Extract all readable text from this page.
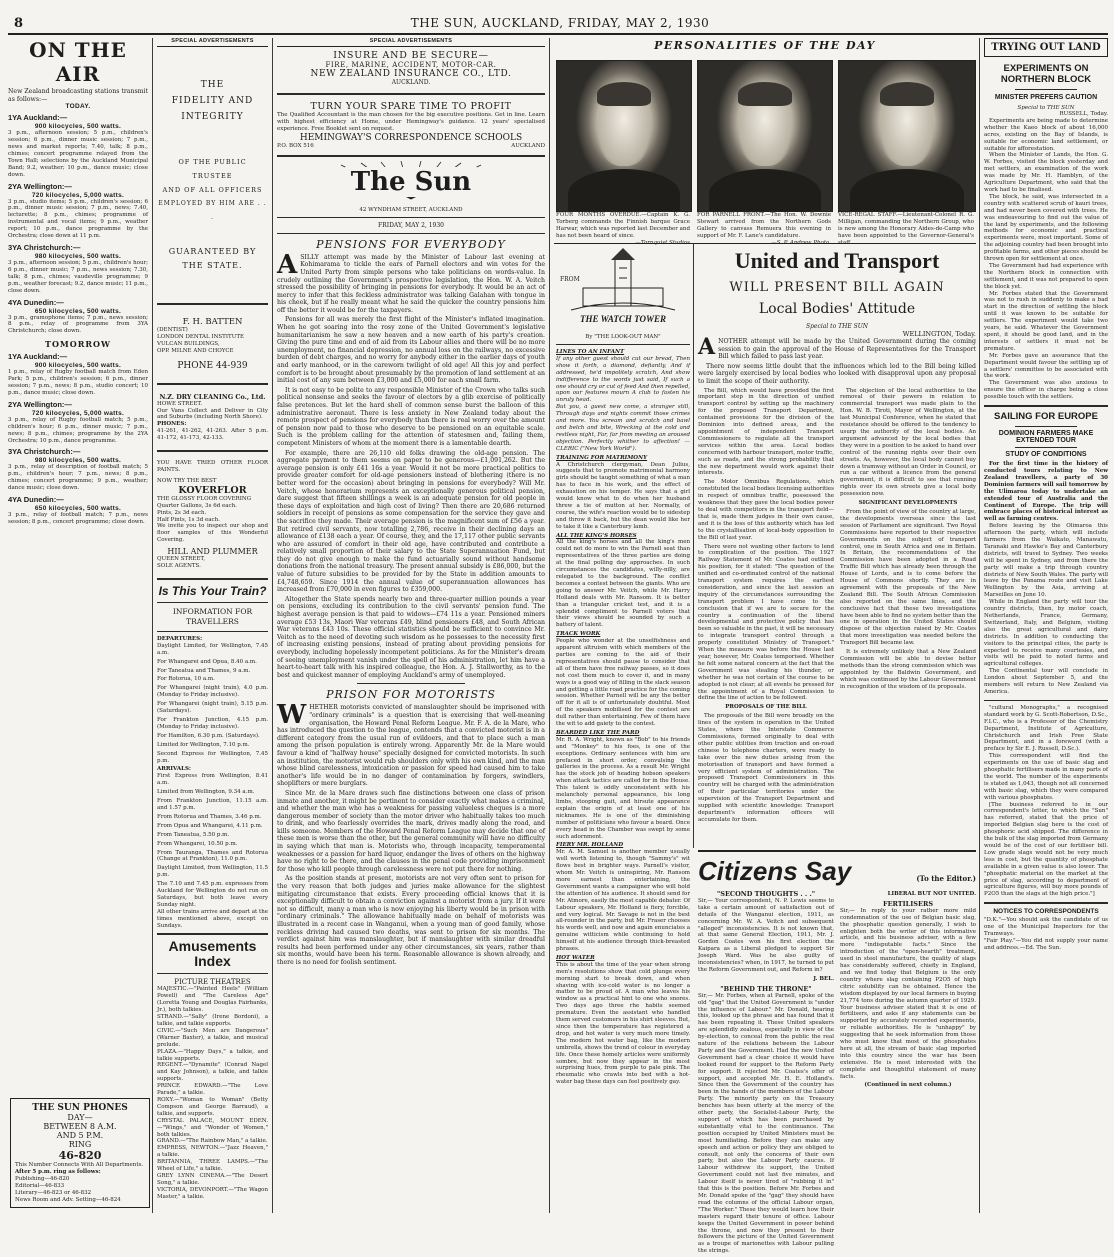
8	THE SUN, AUCKLAND, FRIDAY, MAY 2, 1930
ON THE AIR
New Zealand broadcasting stations transmit as follows:—
TODAY.
1YA Auckland:—
900 kilocycles, 500 watts.
3 p.m., afternoon session; 5 p.m., children's session; 6 p.m., dinner music session; 7 p.m., news and market reports; 7.40, talk; 8 p.m., chimes; concert programme relayed from the Town Hall; selections by the Auckland Municipal Band; 9.2, weather; 10 p.m., dance music; close down.
2YA Wellington:—
720 kilocycles, 5,000 watts.
3 p.m., studio items; 5 p.m., children's session; 6 p.m., dinner music session; 7 p.m., news; 7.40, lecturette; 8 p.m., chimes; programme of instrumental and vocal items; 9 p.m., weather report; 10 p.m., dance programme by the Orchestra; close down at 11 p.m.
3YA Christchurch:—
980 kilocycles, 500 watts.
3 p.m., afternoon session; 5 p.m., children's hour; 6 p.m., dinner music; 7 p.m., news session; 7.30, talk; 8 p.m., chimes; vaudeville programme; 9 p.m., weather forecast; 9.2, dance music; 11 p.m., close down.
4YA Dunedin:—
650 kilocycles, 500 watts.
3 p.m., gramophone items; 7 p.m., news session; 8 p.m., relay of programme from 3YA Christchurch; close down.
TOMORROW
1YA Auckland:—
900 kilocycles, 500 watts.
1 p.m., relay of Rugby football match from Eden Park; 5 p.m., children's session; 6 p.m., dinner session; 7 p.m., news; 8 p.m., studio concert; 10 p.m., dance music; close down.
2YA Wellington:—
720 kilocycles, 5,000 watts.
3 p.m., relay of Rugby football match; 5 p.m., children's hour; 6 p.m., dinner music; 7 p.m., news; 8 p.m., chimes; programme by the 2YA Orchestra; 10 p.m., dance programme.
3YA Christchurch:—
980 kilocycles, 500 watts.
3 p.m., relay of description of football match; 5 p.m., children's hour; 7 p.m., news; 8 p.m., chimes; concert programme; 9 p.m., weather; dance music; close down.
4YA Dunedin:—
650 kilocycles, 500 watts.
3 p.m., relay of football match; 7 p.m., news session; 8 p.m., concert programme; close down.
THE SUN PHONES
DAY—
BETWEEN 8 A.M.
AND 5 P.M.
RING
46-820
This Number Connects With All Departments.
After 5 p.m. ring as follows:
Publishing—46-820
Editorial—46-833
Literary—46-823 or 46-832
News Room and Adv. Setting—46-824
SPECIAL ADVERTISEMENTS
THE
FIDELITY AND
INTEGRITY
OF THE PUBLIC TRUSTEE
AND OF ALL OFFICERS
EMPLOYED BY HIM ARE . . .
GUARANTEED BY
THE STATE.
F. H. BATTEN
(DENTIST)
LONDON DENTAL INSTITUTE
VULCAN BUILDINGS,
OPP. MILNE AND CHOYCE
PHONE 44-939
N.Z. DRY CLEANING Co., Ltd.
HOWE STREET.
Our Vans Collect and Deliver in City and Suburbs (including North Shore).
PHONES:
41-261, 41-262, 41-263. After 5 p.m. 41-172, 41-173, 42-133.
YOU HAVE TRIED OTHER FLOOR PAINTS.
NOW TRY THE BEST
KOVERFLOR
THE GLOSSY FLOOR COVERING
Quarter Gallons, 3s 6d each.
Pints, 2s 3d each.
Half Pints, 1s 3d each.
We invite you to inspect our shop and floor samples of this Wonderful Covering.
HILL AND PLUMMER
QUEEN STREET,
SOLE AGENTS.
Is This Your Train?
INFORMATION FOR
TRAVELLERS
DEPARTURES:
Daylight Limited, for Wellington, 7.45 a.m.
For Whangarei and Opua, 8.40 a.m.
For Taneatua and Thames, 9 a.m.
For Rotorua, 10 a.m.
For Whangarei (night train), 4.0 p.m. (Monday to Friday inclusive).
For Whangarei (night train), 5.15 p.m. (Saturdays).
For Frankton Junction, 4.15 p.m. (Monday to Friday inclusive).
For Hamilton, 6.30 p.m. (Saturdays).
Limited for Wellington, 7.10 p.m.
Second Express for Wellington, 7.45 p.m.
ARRIVALS:
First Express from Wellington, 8.41 a.m.
Limited from Wellington, 9.34 a.m.
From Frankton Junction, 11.15 a.m. and 1.57 p.m.
From Rotorua and Thames, 3.46 p.m.
From Opua and Whangarei, 4.11 p.m.
From Taneatua, 5.50 p.m.
From Whangarei, 10.50 p.m.
From Tauranga, Thames and Rotorua (Change at Frankton), 11.0 p.m.
Daylight Limited, from Wellington, 11.5 p.m.
The 7.10 and 7.45 p.m. expresses from Auckland for Wellington do not run on Saturdays, but both leave every Sunday night.
All other trains arrive and depart at the times mentioned above, except on Sundays.
Amusements
Index
PICTURE THEATRES
MAJESTIC.—"Painted Heels" (William Powell) and "The Careless Age" (Loretta Young and Douglas Fairbanks, Jr.), both talkies.
STRAND.—"Sally" (Irene Bordoni), a talkie, and talkie supports.
CIVIC.—"Such Men are Dangerous" (Warner Baxter), a talkie, and musical prelude.
PLAZA.—"Happy Days," a talkie, and talkie supports.
REGENT.—"Dynamite" (Conrad Nagel and Kay Johnson), a talkie, and talkie supports.
PRINCE EDWARD.—"The Love Parade," a talkie.
ROXY.—"Woman to Woman" (Betty Compson and George Barraud), a talkie, and supports.
CRYSTAL PALACE, MOUNT EDEN.—"Wings," and "Wonder of Women," both talkies.
GRAND.—"The Rainbow Man," a talkie.
EMPRESS, NEWTON.—"Jazz Heaven," a talkie.
BRITANNIA, THREE LAMPS.—"The Wheel of Life," a talkie.
GREY LYNN CINEMA.—"The Desert Song," a talkie.
VICTORIA, DEVONPORT.—"The Wagon Master," a talkie.
SPECIAL ADVERTISEMENTS
INSURE AND BE SECURE—
FIRE, MARINE, ACCIDENT, MOTOR-CAR.
NEW ZEALAND INSURANCE CO., LTD.
AUCKLAND.
TURN YOUR SPARE TIME TO PROFIT
The Qualified Accountant is the man chosen for the big executive positions. Get in line. Learn with highest efficiency at Home, under Hemingway's guidance. 12 years' specialised experience. Free Booklet sent on request.
HEMINGWAY'S CORRESPONDENCE SCHOOLS
P.O. BOX 516	AUCKLAND
The Sun
42 WYNDHAM STREET, AUCKLAND
FRIDAY, MAY 2, 1930
PENSIONS FOR EVERYBODY

ASILLY attempt was made by the Minister of Labour last evening at Kohimarama to tickle the ears of Parnell electors and win votes for the United Party from simple persons who take politicians on words-value. In crudely outlining the Government's prospective legislation, the Hon. W. A. Veitch stressed the possibility of bringing in pensions for everybody. It would be an act of mercy to infer that this feckless administrator was talking Galahan with tongue in his cheek, but if he really meant what he said the quicker the country pensions him off the better it would be for the taxpayers.

Pensions for all was merely the first flight of the Minister's inflated imagination. When he got soaring into the rosy zone of the United Government's legislative humanitarianism he saw a new heaven and a new earth of his party's creation. Giving the pure time and end of aid from its Labour allies and there will be no more unemployment, no financial depression, no annual loss on the railways, no excessive burden of debt charges, and no worry for anybody either in the earlier days of youth and early manhood, or in the careworn twilight of old age! All this joy and perfect comfort is to be brought about presumably by the promotion of land settlement at an initial cost of any sum between £3,000 and £5,000 for each small farm.

It is not easy to be polite to any responsible Minister of the Crown who talks such political nonsense and seeks the favour of electors by a glib exercise of politically false pretences. But let the hard shell of common sense burst the balloon of this administrative aeronaut. There is less anxiety in New Zealand today about the remote prospect of pensions for everybody than there is real worry over the amount of pension now paid to those who deserve to be pensioned on an equitable scale. Such is the problem calling for the attention of statesmen and, failing them, competent Ministers of whom at the moment there is a lamentable dearth.

For example, there are 26,110 old folks drawing the old-age pension. The aggregate payment to them seems on paper to be generous—£1,091,262. But the average pension is only £41 16s a year. Would it not be more practical politics to provide greater comfort for old-age pensioners instead of blethering (there is no better word for the occasion) about bringing in pensions for everybody? Will Mr. Veitch, whose honorarium represents an exceptionally generous political pension, dare suggest that fifteen shillings a week is an adequate pension for old people in these days of exploitation and high cost of living? Then there are 20,686 returned soldiers in receipt of pensions as some compensation for the service they gave and the sacrifice they made. Their average pension is the magnificent sum of £56 a year. But retired civil servants, now totalling 2,786, receive in their declining days an allowance of £138 each a year. Of course, they, and the 17,117 other public servants who are assured of comfort in their old age, have contributed and contribute a relatively small proportion of their salary to the State Superannuation Fund, but they do not give enough to make the fund actuarially sound without handsome donations from the national treasury. The present annual subsidy is £86,000, but the value of future subsidies to be provided for by the State in addition amounts to £4,748,659. Since 1914 the annual value of superannuation allowances has increased from £70,000 in even figures to £359,000.

Altogether the State spends nearly two and three-quarter million pounds a year on pensions, excluding its contribution to the civil servants' pension fund. The highest average pension is that paid to widows—£74 11s a year. Pensioned miners average £53 13s, Maori War veterans £49, blind pensioners £48, and South African War veterans £43 10s. These official statistics should be sufficient to convince Mr. Veitch as to the need of devoting such wisdom as he possesses to the necessity first of increasing existing pensions, instead of prating about providing pensions for everybody, including hopelessly incompetent politicians. As for the Minister's dream of seeing unemployment vanish under the spell of his administration, let him have a heart-to-heart talk with his inspired colleague, the Hon. A. J. Stallworthy, as to the best and quickest manner of employing Auckland's army of unemployed.

PRISON FOR MOTORISTS

WHETHER motorists convicted of manslaughter should be imprisoned with "ordinary criminals" is a question that is exercising that well-meaning organisation, the Howard Penal Reform League. Mr. F. A. de la Mare, who has introduced the question to the league, contends that a convicted motorist is in a different category from the usual run of evildoers, and that to place such a man among the prison population is entirely wrong. Apparently Mr. de la Mare would favour a kind of "halfway house" specially designed for convicted motorists. In such an institution, the motorist would rub shoulders only with his own kind, and the man whose blind carelessness, intoxication or passion for speed had caused him to take another's life would be in no danger of contamination by forgers, swindlers, shoplifters or mere burglars.

Since Mr. de la Mare draws such fine distinctions between one class of prison inmate and another, it might be pertinent to consider exactly what makes a criminal, and whether the man who has a weakness for passing valueless cheques is a more dangerous member of society than the motor driver who habitually takes too much to drink, and who fearlessly overrides the mark, drives madly along the road, and kills someone. Members of the Howard Penal Reform League may decide that one of these men is worse than the other, but the general community will have no difficulty in saying which that man is. Motorists who, through incapacity, temperamental weaknesses or a passion for hard liquor, endanger the lives of others on the highway have no right to be there, and the clauses in the penal code providing imprisonment for those who kill people through carelessness were not put there for nothing.

As the position stands at present, motorists are not very often sent to prison for the very reason that both judges and juries make allowance for the slightest mitigating circumstance that exists. Every proceeding official knows that it is exceptionally difficult to obtain a conviction against a motorist from a jury. If it were not so difficult, many a man who is now enjoying his liberty would be in prison with "ordinary criminals." The allowance habitually made on behalf of motorists was illustrated in a recent case in Wanganui, when a young man of good family, whose reckless driving had caused two deaths, was sent to prison for six months. The verdict against him was manslaughter, but if manslaughter with similar dreadful results had been performed under any other circumstances, six years, rather than six months, would have been his term. Reasonable allowance is shown already, and there is no need for foolish sentiment.

PERSONALITIES OF THE DAY
FOUR MONTHS OVERDUE.—Captain K. G. Torberg commands the Finnish barque Grace Harwar, which was reported last December and has not been heard of since.
FOR PARNELL FRONT.—The Hon. W. Downie Stewart arrived from the Northern Gods Gallery to canvass Remuera this evening in support of Mr. F. Lane's candidature.
VICE-REGAL STAFF.—Lieutenant-Colonel R. G. Milligan, commanding the Northern Group, who is new among the Honorary Aides-de-Camp who have been appointed to the Governor-General's
FROM
THE WATCH TOWER
By "THE LOOK-OUT MAN"
LINES TO AN INFANT
If any other guest should cut our bread, Then show it forth, a diamond, defiantly, And if addressed, he'd impolitely scratch, And show indifference to the words just said, If such a one should cry or cut of feed And then repelled, upon our features mourn A club to fasten his unruly head.
But you, a guest new come, a stranger still, Through days and nights commit those crimes and more. You scream and scratch and bawl and belch and bite, Wrecking at the cold and restless night, Far, far from meeting an aroused objection. Perfectly whither to affection! —CLERIC ("New York World").
TRAINING FOR MATRIMONY
A Christchurch clergyman, Dean Julius, suggests that to promote matrimonial harmony girls should be taught something of what a man has to face in his work, and the effect of exhaustion on his temper. He says that a girl would know what to do when her husband threw a tie of mutton at her. Normally, of course, the wife's reaction would be to sidestep and throw it back, but the dean would like her to take it like a Canterbury lamb.
ALL THE KING'S HORSES
All the king's horses and all the king's men could not do more to win the Parnell seat than representatives of the three parties are doing at the final polling day approaches. In such circumstances the candidates, willy-nilly, are relegated to the background. The conflict becomes a contest between the giants. Who are going to answer Mr. Veitch, while Mr. Harry Holland deals with Mr. Ransom. It is better than a triangular cricket test, and it is a splendid compliment to Parnell voters that their views should be sounded by such a battery of talent.
TRACK WORK
People who wonder at the unselfishness and apparent altruism with which members of the parties are coming to the aid of their representatives should pause to consider that all of them have free railway passes, so it does not cost them much to cover it, and in many ways is a good way of filling in the slack season and getting a little road practice for the coming session. Whether Parnell will be any the better off for it all is of unfortunately doubtful. Most of the speakers mobilised for the contest are dull rather than entertaining. Few of them have the wit to add gaiety to the contest.
BEARDED LIKE THE PARD
Mr. R. A. Wright, known as "Bob" to his friends and "Monkey" to his foes, is one of the exceptions. Ordinary sentences with him are prefaced in short order, convulsing the galleries in the process. As a result Mr. Wright has the stock job of heading hobson speakers when attack tactics are called for in the House. This talent is oddly unconsistent with his melancholy personal appearance, his long limbs, stooping gait, and hirsute appearance explain the origin of at least one of his nicknames. He is one of the diminishing number of politicians who favour a beard. Once every head in the Chamber was swept by some such adornment.
FIERY MR. HOLLAND
Mr. A. M. Samuel is another member usually well worth listening to, though "Sammy's" wit flows best in brighter ways. Parnell's visitor, whom Mr. Veitch is uninspiring, Mr. Ransom more earnest than entertaining, the Government wants a campaigner who will hold the attention of his audience. It should send for Mr. Atmore, easily the most capable debater. Of Labour speakers, Mr. Holland is fiery, forcible, and very logical. Mr. Savage is not in the best all-rounder in the party, but Mr. Fraser chooses his words well, and now and again enunciates a genuine witticism while continuing to hold himself at his audience through thick-breasted phrases.
HOT WATER
This is about the time of the year when strong men's resolutions show that cold plunge every morning start to break down, and when shaving with ice-cold water is no longer a matter to be proud of. A man who leaves his window as a practical hint to one who snores. Two days ago three rhe habits seemed premature. Even the assistant who handled them served customers in his shirt sleeves. But, since then the temperature has registered a drop, and hot water is very much more timely. The modern hot water bag, like the modern umbrella, shows the trend of colour in everyday life. Once these homely articles were uniformly sombre, but now they appear in the most surprising hues, from purple to pale pink. The rheumatic who crawls into bed with a hot-water bag these days can feel positively gay.
United and Transport
WILL PRESENT BILL AGAIN
Local Bodies' Attitude
Special to THE SUN
WELLINGTON, Today.

ANOTHER attempt will be made by the United Government during the coming session to gain the approval of the House of Representatives for the Transport Bill which failed to pass last year.

There now seems little doubt that the influences which led to the Bill being killed were largely exercised by local bodies who looked with disapproval upon any proposal to limit the scope of their authority.

The Bill, which would have provided the first important step in the direction of unified transport control by setting up the machinery for the proposed Transport Department, contained provisions for the division of the Dominion into defined areas, and the appointment of independent Transport Commissioners to regulate all the transport services within the area. Local bodies concerned with harbour transport, motor traffic, such as roads, and the strong probability that the new department would work against their interests.

The Motor Omnibus Regulations, which constituted the local bodies licensing authorities in respect of omnibus traffic, possessed the weakness that they gave the local bodies power to deal with competitors in the transport field—that is, made them judges in their own cause, and it is the loss of this authority which has led to the crystallisation of local-body opposition to the Bill of last year.

There were not wanting other factors to lend to complication of the position. The 1927 Railway Statement of Mr. Coates had outlined his position, for it stated: "The question of the unified and co-ordinated control of the national transport system requires the earliest consideration, and since the last session an inquiry of the circumstances surrounding the transport problem I have come to the conclusion that if we are to secure for the country a continuation of the liberal developmental and protective policy that has been so valuable in the past, it will be necessary to integrate transport control through a properly constituted Ministry of Transport." When the measure was before the House last year, however, Mr. Coates temporised. Whether he felt some natural concern at the fact that the Government was stealing his thunder, or whether he was not certain of the course to be adopted is not clear; at all events he pressed for the appointment of a Royal Commission to define the line of action to be followed.

PROPOSALS OF THE BILL

The proposals of the Bill were broadly on the lines of the system in operation in the United States, where the Interstate Commerce Commissions, formed originally to deal with other public utilities from traction and on-road chinese to telephone charters, were ready to take over the new duties arising from the motorisation of transport and have formed a very efficient system of administration. The proposed Transport Commissioners in this country will be charged with the administration of their particular territories under the supervision of the Transport Department and supplied with scientific knowledge: Transport department's information officers will accumulate for them.

The objection of the local authorities to the removal of their powers in relation to commercial transport was made plain to the Hon. W. B. Tiroti, Mayor of Wellington, at the last Municipal Conference, when he stated that resistance should be offered to the tendency to usurp the authority of the local bodies. An argument advanced by the local bodies that they were in a position to be asked to hand over control of the running rights over their own streets. As, however, the local body cannot buy down a tramway without an Order in Council, or run a car without a licence from the general government, it is difficult to see that running rights over its own streets give a local body possession now.

SIGNIFICANT DEVELOPMENTS

From the point of view of the country at large, the developments overseas since the last session of Parliament are significant. Two Royal Commissions have reported to their respective Governments on the subject of transport control, one in South Africa and one in Britain. In Britain, the recommendations of the Commission have been adopted in a Road Traffic Bill which has already been through the House of Lords, and is to come before the House of Commons shortly. They are in agreement with the proposals of the New Zealand Bill. The South African Commission also reported on the same lines, and the conclusive fact that these two investigations have been able to find no system better than the one in operation in the United States should dispose of the objection raised by Mr. Coates that more investigation was needed before the Transport Bill became law.

It is extremely unlikely that a New Zealand Commission will be able to devise better methods than the strong commission which was appointed by the Baldwin Government, and which was continued by the Labour Government in recognition of the wisdom of its proposals.

Citizens Say	(To the Editor.)
"SECOND THOUGHTS . . ."

Sir,— Your correspondent, N. P. Lewis seems to take a certain amount of satisfaction out of details of the Wanganui election, 1911, as concerning Mr. W. A. Veitch and subsequent "alleged" inconsistencies. It is not known that, at that same General Election, 1911, Mr. J. Gordon Coates won his first election the Kaipara as a Liberal pledged to support Sir Joseph Ward. Was he also guilty of inconsistencies? when, in 1917, he turned to put the Reform Government out, and Reform in?

J. BEL.
"BEHIND THE THRONE"

Sir,— Mr. Forbes, when at Parnell, spoke of the old "gag" that the United Government is "under the influence of Labour." Mr. Donald, hearing this, looked up the phrase and has found that it has been repeating it. These United speakers are splendidly zealous, especially in view of the by-election, to conceal from the public the real nature of the relations between the Labour Party and the Government. Had the new United Government had a clear choice it would have looked round for support to the Reform Party for support. It rejected Mr. Coates's offer of support, and accepted Mr. H. E. Holland's. Since then the Government of the country has been in the hands of the members of the Labour Party. The minority party on the Treasury benches has been utterly at the mercy of the other party, the Socialist-Labour Party, the support of which has been purchased by substantially vital to the continuance. The position occupied by United Ministers must be most humiliating. Before they can make any speech and action or policy they are obliged to consult, not only the concerns of their own party, but also the Labour Party caucus. If Labour withdrew its support, the United Government could not last five minutes, and Labour itself is never tired of "rubbing it in" that this is the position. Before Mr. Forbes and Mr. Donald spoke of the "gag" they should have read the columns of the official Labour organ, "The Worker." These they would learn how their masters regard their tenure of office. Labour keeps the United Government in power behind the throne, and now they present to their followers the picture of the United Government as a troupe of marionettes with Labour pulling the strings.

LIBERAL BUT NOT UNITED.
FERTILISERS

Sir,— In reply to your rather more mild condemnation of the use of Belgian basic slag, the phosphatic question generally, I wish to enlighten both the writer of this informative article, and his business adviser, with a few more "indisputable facts." Since the introduction of the "open-hearth" treatment, used in steel manufacture, the quality of slags has considerably suffered, chiefly in England, and we find today that Belgium is the only country where slag containing P2O5 of high citric solubility can be obtained. Hence the wisdom displayed by our local farmers in buying 21,774 tons during the autumn quarter of 1929. Your business adviser stated that it is one of fertilisers, and asks if any statements can be supported by accurately recorded experiments, or reliable authorities. He is "unhappy" by suggesting that he seek information from those who must know that most of the phosphates here at all, the stream of basic slag imported into this country since the war has been extensive. He is most interested with the complete and thoughtful statement of many facts.

(Continued in next column.)
TRYING OUT LAND
EXPERIMENTS ON NORTHERN BLOCK
MINISTER PREFERS CAUTION
Special to THE SUN
RUSSELL, Today.
Experiments are being made to determine whether the Kaeo block of about 16,000 acres, existing on the Bay of Islands, is suitable for economic land settlement, or suitable for afforestation.
When the Minister of Lands, the Hon. G. W. Forbes, visited the block yesterday and met settlers, an examination of the work was made by Mr. H. Hamblyn, of the Agriculture Department, who said that the work had to be finalised.
The block, he said, was intersected in a country with scattered scrub of kauri trees, and had never been covered with trees. He was endeavouring to find out the value of the land by experiments, and the following methods for economic and practical experiments were, most important. Some of the adjoining country had been brought into profitable farms, and other pieces should be thrown open for settlement at once.
The Government had had experience with the Northern block in connection with settlement, and it was not prepared to open the block yet.
Mr. Forbes stated that the Government was not to rush in suddenly to make a bad start in the direction of settling the block until it was known to be suitable for settlers. The experiment would take two years, he said. Whatever the Government spent, it should be good land, and in the interests of settlers it must not be premature.
Mr. Forbes gave an assurance that the Department would favour the settling up of a settlers' committee to be associated with the work.
The Government was also anxious to ensure the officer in charge being a close possible touch with the settlers.
SAILING FOR EUROPE
DOMINION FARMERS MAKE EXTENDED TOUR
STUDY OF CONDITIONS
For the first time in the history of conducted tours relating to New Zealand travellers, a party of 30 Dominion farmers will sail tomorrow by the Ulimaroa today to undertake an extended tour of Australia and the Continent of Europe. The trip will embrace places of historical interest as well as farming centres.
Before leaving by the Olimaroa this afternoon the party, which will include farmers from the Waikato, Manawatu, Taranaki and Hawke's Bay and Canterbury districts, will travel to Sydney. Two weeks will be spent in Sydney, and from there the party will make a trip through country districts of New South Wales. The party will leave by the Panama route and visit Lake Wellington by the Asia, arriving at Marseilles on June 10.
While in England the party will tour the country districts, then, by motor coach, Netherlands, France, Germany, Switzerland, Italy, and Belgium, visiting also the great agricultural and dairy districts. In addition to conducting the visitors to the principal cities, the party is expected to receive many courtesies, and visits will be paid to noted farms and agricultural colleges.
The Continental tour will conclude in London about September 5, and the members will return to New Zealand via America.
"cultural Monographs," a recognised standard work by G. Scott-Robertson, D.Sc., F.I.C., who is a Professor of the Chemistry Department, Institute of Agriculture, Christchurch and Irish Free State Department, and in a foreword (with a preface by Sir E. J. Russell, D.Sc.).
This correspondent will find the experiments on the use of basic slag and phosphatic fertilisers made in many parts of the world. The number of the experiments is stated as 1,043, though not all concerned with basic slag, which they were compared with various phosphates.
[The business referred to in our correspondent's letter, to which the "Sun" has referred, stated that the price of imported Belgian slag here is the cost of phosphoric acid shipped. The difference in the bulk of the slag imported from Germany would be of the cost of our fertiliser bill. Low grade slags would not be very much less in cost, but the quantity of phosphate available in a given value is also lower. The "phosphatic material on the market at the price of slag, according to department of agriculture figures, will buy more pounds of P2O5 than the slags at the high price."]
NOTICES TO CORRESPONDENTS
"D.K."—You should ask the candidate of us one of the Municipal Inspectors for the Tramways.
"Fair Play."—You did not supply your name and address.—Ed. The Sun.
